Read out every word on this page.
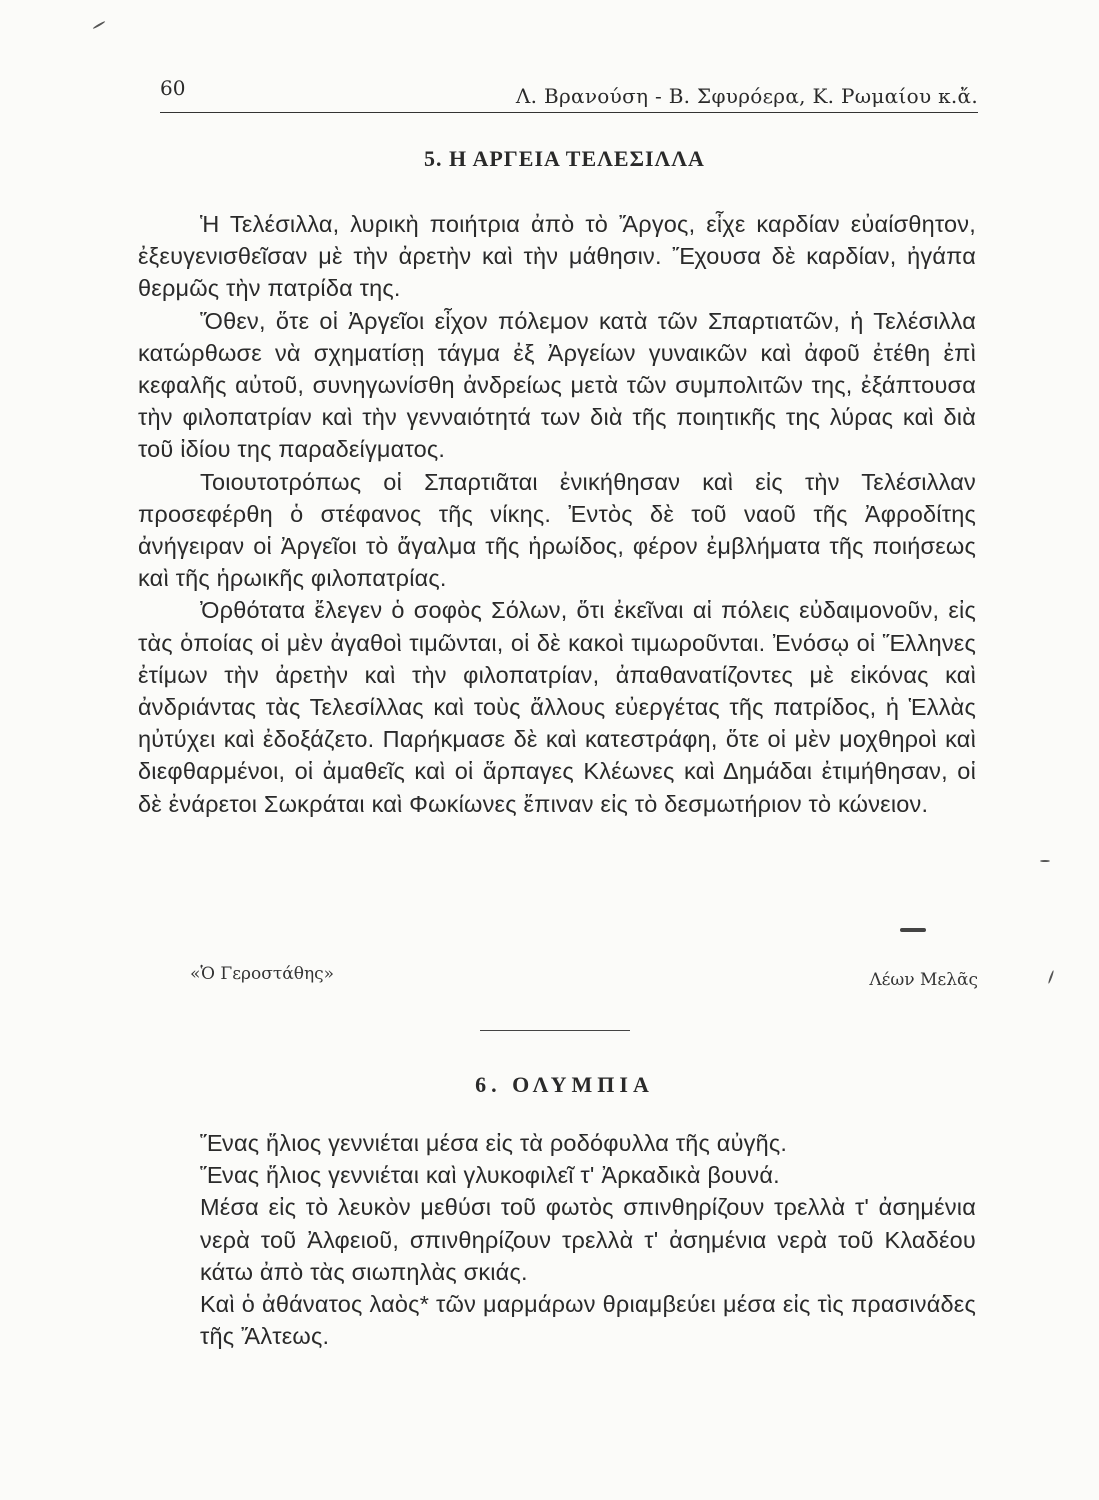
60	Λ. Βρανούση - Β. Σφυρόερα, Κ. Ρωμαίου κ.ἄ.
5. Η ΑΡΓΕΙΑ ΤΕΛΕΣΙΛΛΑ

Ἡ Τελέσιλλα, λυρικὴ ποιήτρια ἀπὸ τὸ Ἄργος, εἶχε καρδίαν εὐαίσθητον, ἐξευγενισθεῖσαν μὲ τὴν ἀρετὴν καὶ τὴν μάθησιν. Ἔχουσα δὲ καρδίαν, ἠγάπα θερμῶς τὴν πατρίδα της.

Ὅθεν, ὅτε οἱ Ἀργεῖοι εἶχον πόλεμον κατὰ τῶν Σπαρτιατῶν, ἡ Τελέσιλλα κατώρθωσε νὰ σχηματίσῃ τάγμα ἐξ Ἀργείων γυναικῶν καὶ ἀφοῦ ἐτέθη ἐπὶ κεφαλῆς αὐτοῦ, συνηγωνίσθη ἀνδρείως μετὰ τῶν συμπολιτῶν της, ἐξάπτουσα τὴν φιλοπατρίαν καὶ τὴν γενναιότητά των διὰ τῆς ποιητικῆς της λύρας καὶ διὰ τοῦ ἰδίου της παραδείγματος.

Τοιουτοτρόπως οἱ Σπαρτιᾶται ἐνικήθησαν καὶ εἰς τὴν Τελέσιλλαν προσεφέρθη ὁ στέφανος τῆς νίκης. Ἐντὸς δὲ τοῦ ναοῦ τῆς Ἀφροδίτης ἀνήγειραν οἱ Ἀργεῖοι τὸ ἄγαλμα τῆς ἡρωίδος, φέρον ἐμβλήματα τῆς ποιήσεως καὶ τῆς ἡρωικῆς φιλοπατρίας.

Ὀρθότατα ἔλεγεν ὁ σοφὸς Σόλων, ὅτι ἐκεῖναι αἱ πόλεις εὐδαιμονοῦν, εἰς τὰς ὁποίας οἱ μὲν ἀγαθοὶ τιμῶνται, οἱ δὲ κακοὶ τιμωροῦνται. Ἐνόσῳ οἱ Ἕλληνες ἐτίμων τὴν ἀρετὴν καὶ τὴν φιλοπατρίαν, ἀπαθανατίζοντες μὲ εἰκόνας καὶ ἀνδριάντας τὰς Τελεσίλλας καὶ τοὺς ἄλλους εὐεργέτας τῆς πατρίδος, ἡ Ἑλλὰς ηὐτύχει καὶ ἐδοξάζετο. Παρήκμασε δὲ καὶ κατεστράφη, ὅτε οἱ μὲν μοχθηροὶ καὶ διεφθαρμένοι, οἱ ἀμαθεῖς καὶ οἱ ἅρπαγες Κλέωνες καὶ Δημάδαι ἐτιμήθησαν, οἱ δὲ ἐνάρετοι Σωκράται καὶ Φωκίωνες ἔπιναν εἰς τὸ δεσμωτήριον τὸ κώνειον.

«Ὁ Γεροστάθης»	Λέων Μελᾶς
6. ΟΛΥΜΠΙΑ

Ἕνας ἥλιος γεννιέται μέσα εἰς τὰ ροδόφυλλα τῆς αὐγῆς.

Ἕνας ἥλιος γεννιέται καὶ γλυκοφιλεῖ τ' Ἀρκαδικὰ βουνά.

Μέσα εἰς τὸ λευκὸν μεθύσι τοῦ φωτὸς σπινθηρίζουν τρελλὰ τ' ἀσημένια νερὰ τοῦ Ἀλφειοῦ, σπινθηρίζουν τρελλὰ τ' ἀσημένια νερὰ τοῦ Κλαδέου κάτω ἀπὸ τὰς σιωπηλὰς σκιάς.

Καὶ ὁ ἀθάνατος λαὸς* τῶν μαρμάρων θριαμβεύει μέσα εἰς τὶς πρασινάδες τῆς Ἄλτεως.
